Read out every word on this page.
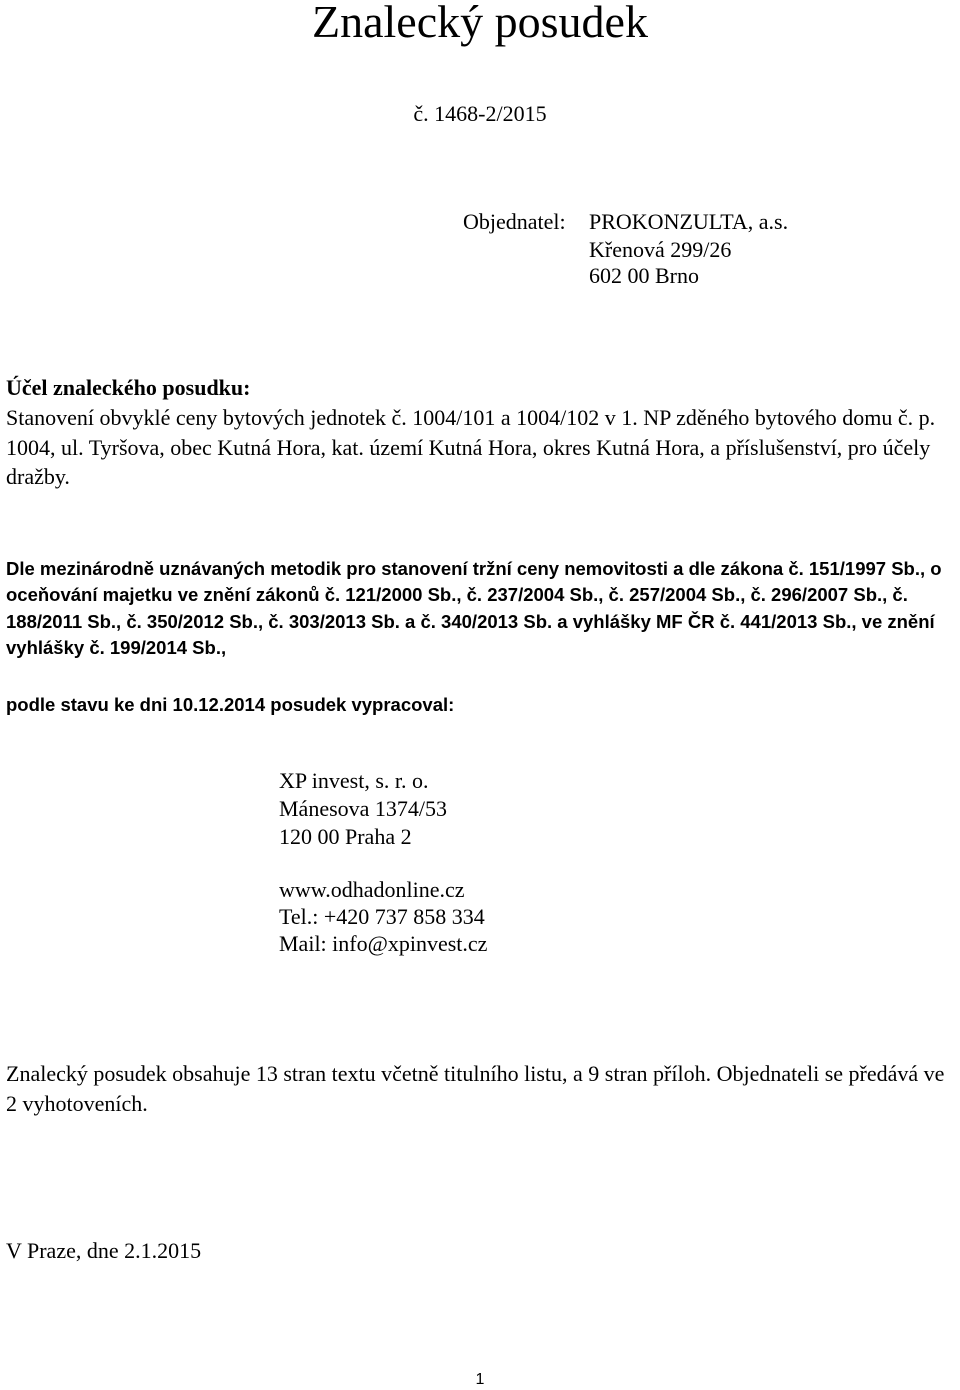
Znalecký posudek
č. 1468-2/2015
Objednatel: PROKONZULTA, a.s.
Křenová 299/26
602 00 Brno
Účel znaleckého posudku:
Stanovení obvyklé ceny bytových jednotek č. 1004/101 a 1004/102 v 1. NP zděného bytového domu č. p. 1004, ul. Tyršova, obec Kutná Hora, kat. území Kutná Hora, okres Kutná Hora, a příslušenství, pro účely dražby.
Dle mezinárodně uznávaných metodik pro stanovení tržní ceny nemovitosti a dle zákona č. 151/1997 Sb., o oceňování majetku ve znění zákonů č. 121/2000 Sb., č. 237/2004 Sb., č. 257/2004 Sb., č. 296/2007 Sb., č. 188/2011 Sb., č. 350/2012 Sb., č. 303/2013 Sb. a č. 340/2013 Sb. a vyhlášky MF ČR č. 441/2013 Sb., ve znění vyhlášky č. 199/2014 Sb.,
podle stavu ke dni 10.12.2014 posudek vypracoval:
XP invest, s. r. o.
Mánesova 1374/53
120 00 Praha 2
www.odhadonline.cz
Tel.: +420 737 858 334
Mail: info@xpinvest.cz
Znalecký posudek obsahuje 13 stran textu včetně titulního listu, a 9 stran příloh. Objednateli se předává ve 2 vyhotoveních.
V Praze, dne 2.1.2015
1
